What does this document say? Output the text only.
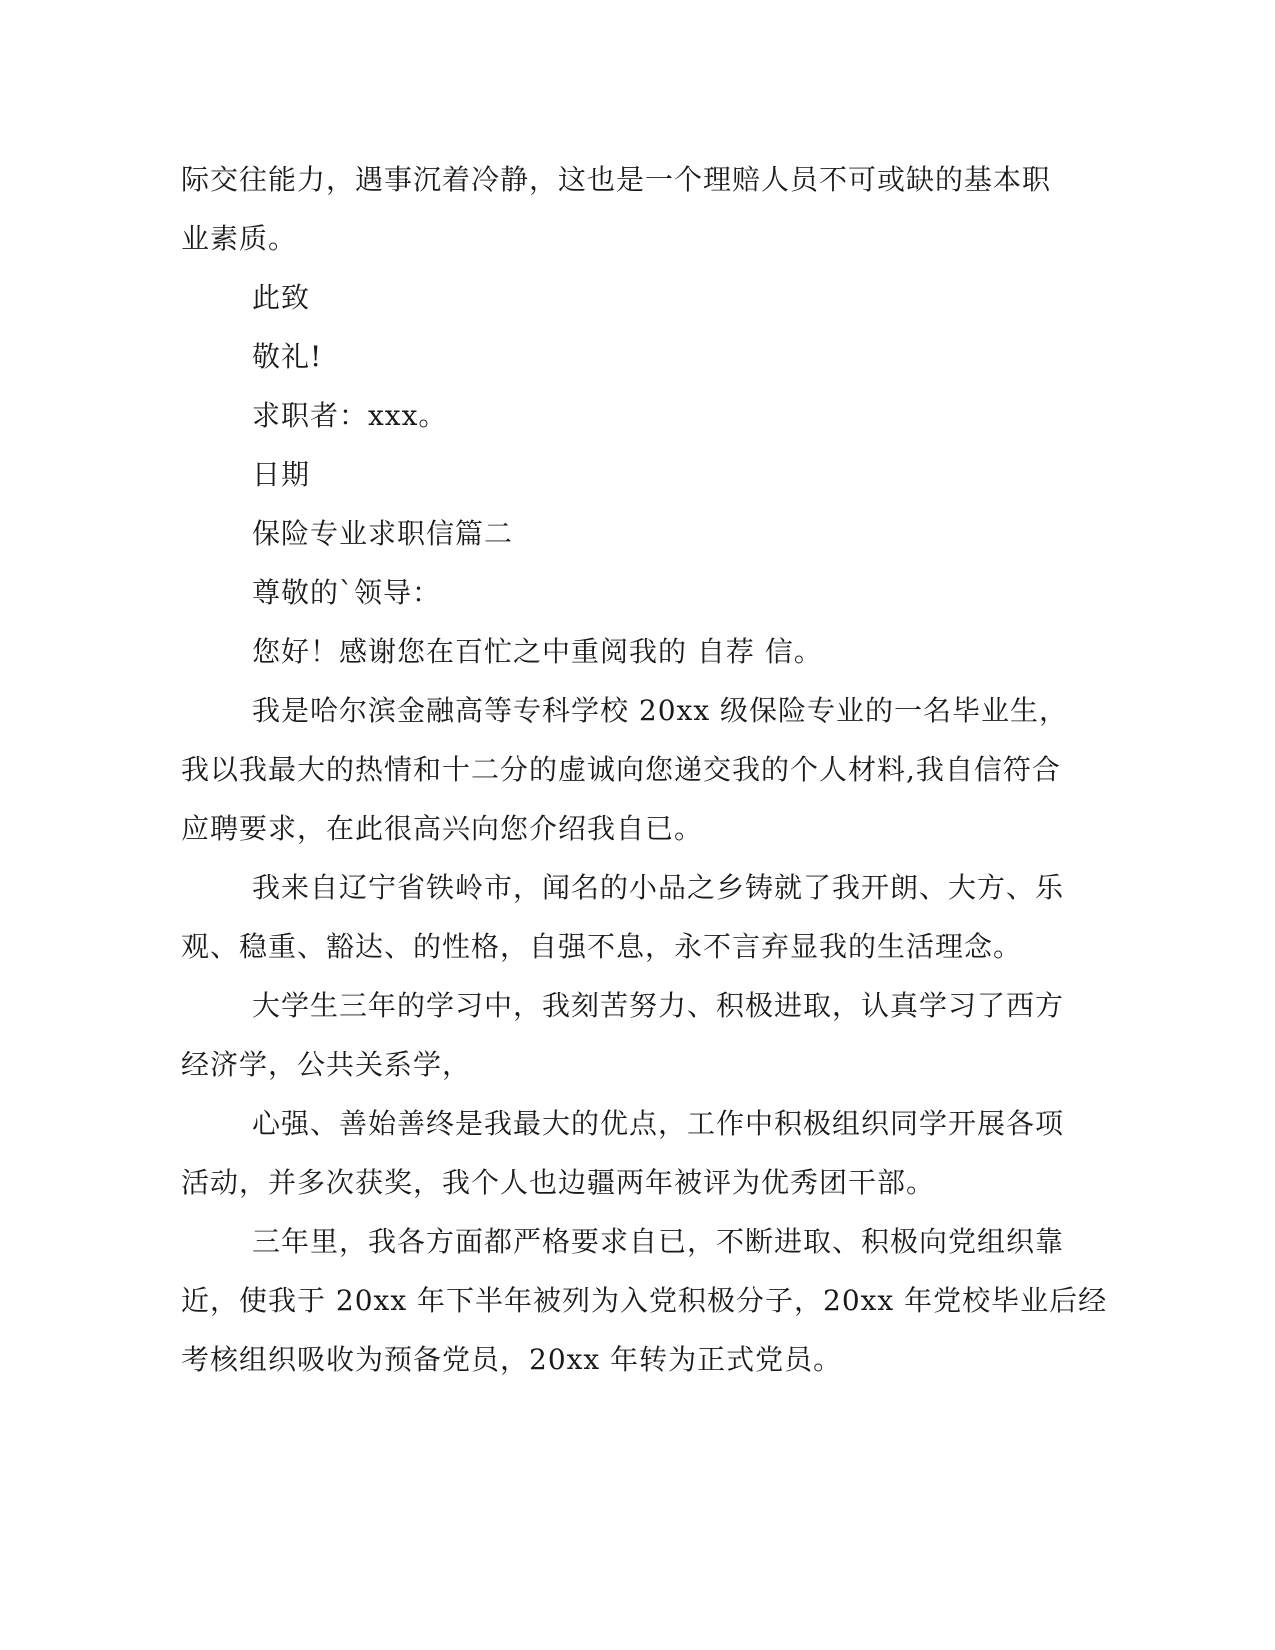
际交往能力，遇事沉着冷静，这也是一个理赔人员不可或缺的基本职
业素质。
此致
敬礼!
求职者：xxx。
日期
保险专业求职信篇二
尊敬的`领导：
您好！感谢您在百忙之中重阅我的 自荐 信。
我是哈尔滨金融高等专科学校 20xx 级保险专业的一名毕业生，
我以我最大的热情和十二分的虚诚向您递交我的个人材料,我自信符合
应聘要求，在此很高兴向您介绍我自已。
我来自辽宁省铁岭市，闻名的小品之乡铸就了我开朗、大方、乐
观、稳重、豁达、的性格，自强不息，永不言弃显我的生活理念。
大学生三年的学习中，我刻苦努力、积极进取，认真学习了西方
经济学，公共关系学，
心强、善始善终是我最大的优点，工作中积极组织同学开展各项
活动，并多次获奖，我个人也边疆两年被评为优秀团干部。
三年里，我各方面都严格要求自已，不断进取、积极向党组织靠
近，使我于 20xx 年下半年被列为入党积极分子，20xx 年党校毕业后经
考核组织吸收为预备党员，20xx 年转为正式党员。
